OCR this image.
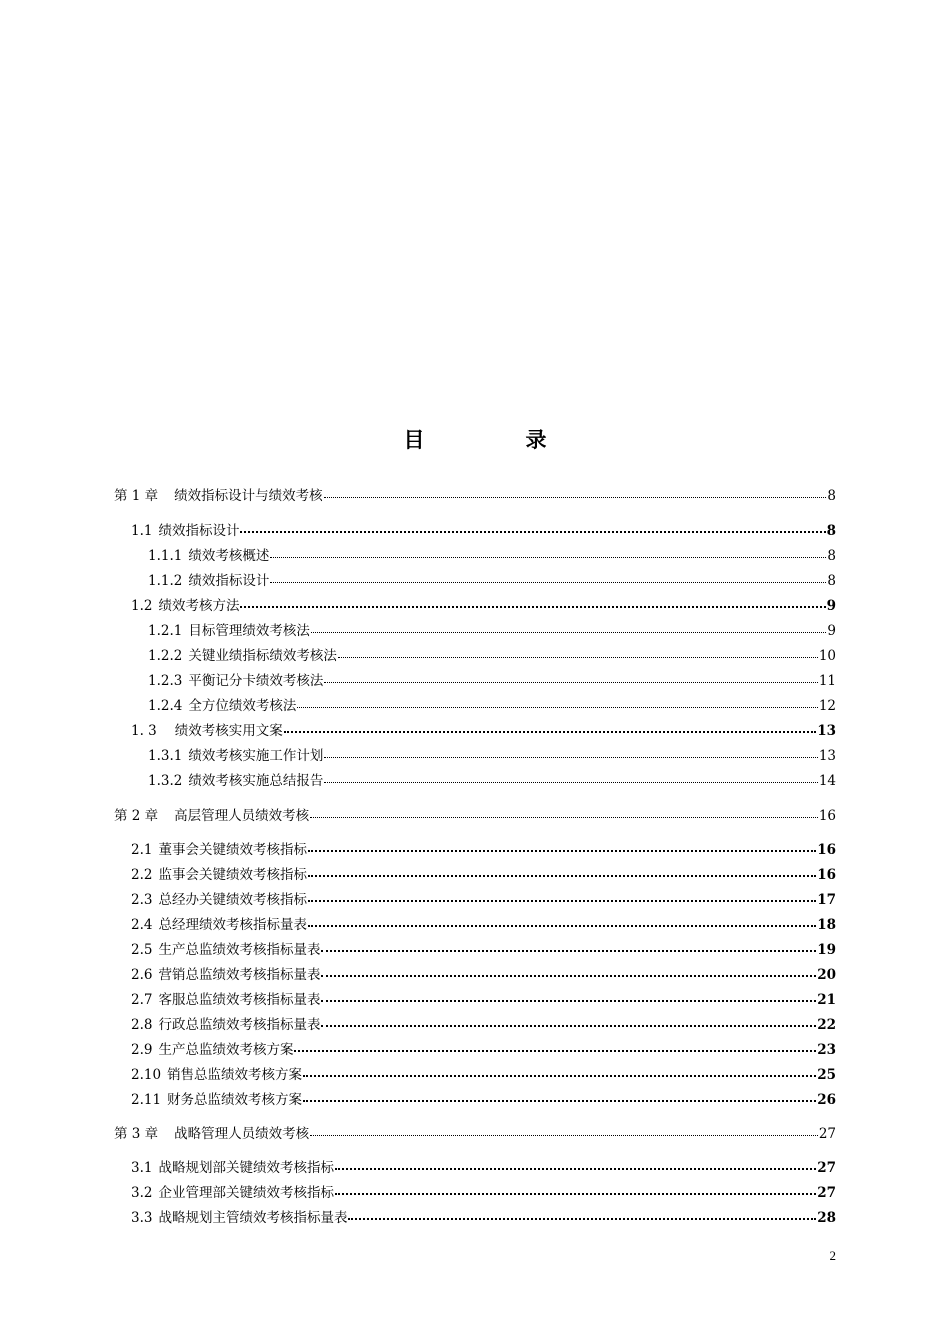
目　录
第 1 章 绩效指标设计与绩效考核	8
1.1 绩效指标设计	8
1.1.1 绩效考核概述	8
1.1.2 绩效指标设计	8
1.2 绩效考核方法	9
1.2.1 目标管理绩效考核法	9
1.2.2 关键业绩指标绩效考核法	10
1.2.3 平衡记分卡绩效考核法	11
1.2.4 全方位绩效考核法	12
1. 3 绩效考核实用文案	13
1.3.1 绩效考核实施工作计划	13
1.3.2 绩效考核实施总结报告	14
第 2 章 高层管理人员绩效考核	16
2.1 董事会关键绩效考核指标	16
2.2 监事会关键绩效考核指标	16
2.3 总经办关键绩效考核指标	17
2.4 总经理绩效考核指标量表	18
2.5 生产总监绩效考核指标量表	19
2.6 营销总监绩效考核指标量表	20
2.7 客服总监绩效考核指标量表	21
2.8 行政总监绩效考核指标量表	22
2.9 生产总监绩效考核方案	23
2.10 销售总监绩效考核方案	25
2.11 财务总监绩效考核方案	26
第 3 章 战略管理人员绩效考核	27
3.1 战略规划部关键绩效考核指标	27
3.2 企业管理部关键绩效考核指标	27
3.3 战略规划主管绩效考核指标量表	28
2
